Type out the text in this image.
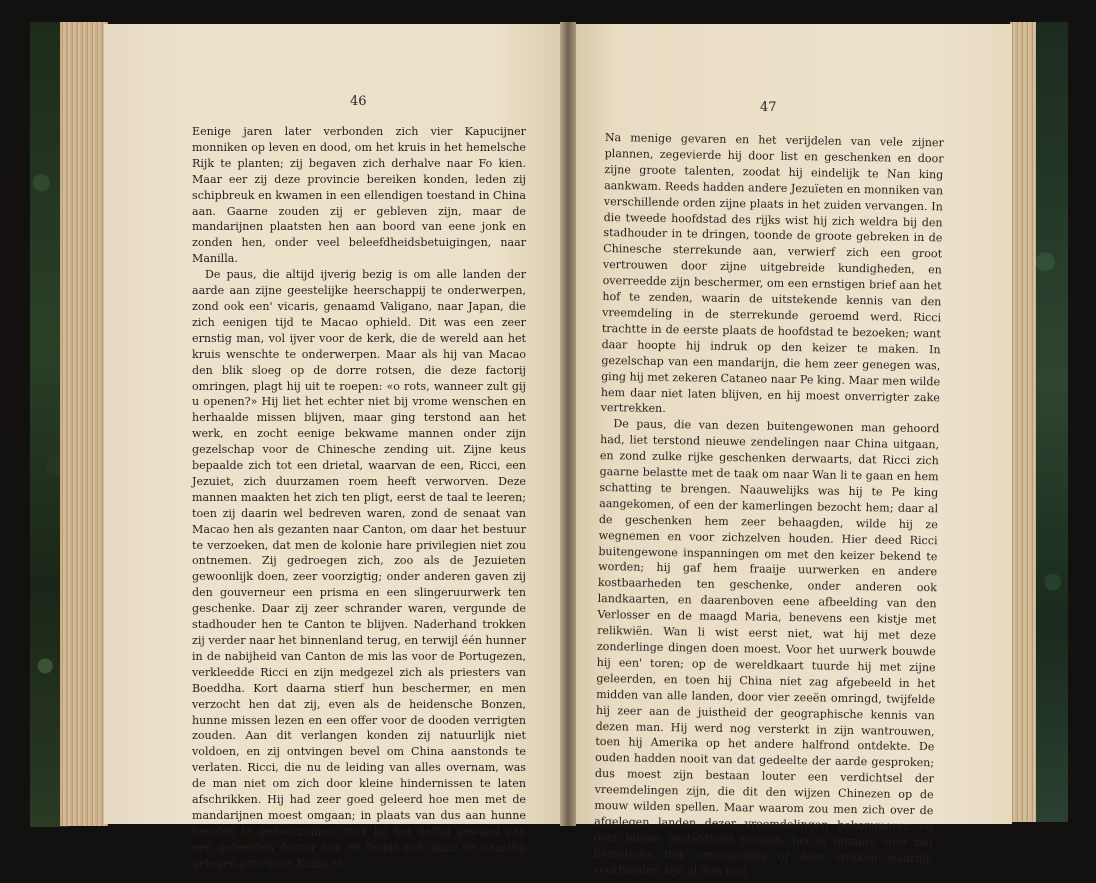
46

Eenige jaren later verbonden zich vier Kapucijner monniken op leven en dood, om het kruis in het hemelsche Rijk te planten; zij begaven zich derhalve naar Fo kien. Maar eer zij deze provincie bereiken konden, leden zij schipbreuk en kwamen in een ellendigen toestand in China aan. Gaarne zouden zij er gebleven zijn, maar de mandarijnen plaatsten hen aan boord van eene jonk en zonden hen, onder veel beleefdheidsbetuigingen, naar Manilla.

De paus, die altijd ijverig bezig is om alle landen der aarde aan zijne geestelijke heerschappij te onderwerpen, zond ook een' vicaris, genaamd Valigano, naar Japan, die zich eenigen tijd te Macao ophield. Dit was een zeer ernstig man, vol ijver voor de kerk, die de wereld aan het kruis wenschte te onderwerpen. Maar als hij van Macao den blik sloeg op de dorre rotsen, die deze factorij omringen, plagt hij uit te roepen: «o rots, wanneer zult gij u openen?» Hij liet het echter niet bij vrome wenschen en herhaalde missen blijven, maar ging terstond aan het werk, en zocht eenige bekwame mannen onder zijn gezelschap voor de Chinesche zending uit. Zijne keus bepaalde zich tot een drietal, waarvan de een, Ricci, een Jezuiet, zich duurzamen roem heeft verworven. Deze mannen maakten het zich ten pligt, eerst de taal te leeren; toen zij daarin wel bedreven waren, zond de senaat van Macao hen als gezanten naar Canton, om daar het bestuur te verzoeken, dat men de kolonie hare privilegien niet zou ontnemen. Zij gedroegen zich, zoo als de Jezuieten gewoonlijk doen, zeer voorzigtig; onder anderen gaven zij den gouverneur een prisma en een slingeruurwerk ten geschenke. Daar zij zeer schrander waren, vergunde de stadhouder hen te Canton te blijven. Naderhand trokken zij verder naar het binnenland terug, en terwijl één hunner in de nabijheid van Canton de mis las voor de Portugezen, verkleedde Ricci en zijn medgezel zich als priesters van Boeddha. Kort daarna stierf hun beschermer, en men verzocht hen dat zij, even als de heidensche Bonzen, hunne missen lezen en een offer voor de dooden verrigten zouden. Aan dit verlangen konden zij natuurlijk niet voldoen, en zij ontvingen bevel om China aanstonds te verlaten. Ricci, die nu de leiding van alles overnam, was de man niet om zich door kleine hindernissen te laten afschrikken. Hij had zeer goed geleerd hoe men met de mandarijnen moest omgaan; in plaats van dus aan hunne bevelen te gehoorzamen, trok hij het deftig gewaad van een geleerden doctor aan en begaf zich naar de naastbij gelegen provincie Kiang si.

47

Na menige gevaren en het verijdelen van vele zijner plannen, zegevierde hij door list en geschenken en door zijne groote talenten, zoodat hij eindelijk te Nan king aankwam. Reeds hadden andere Jezuïeten en monniken van verschillende orden zijne plaats in het zuiden vervangen. In die tweede hoofdstad des rijks wist hij zich weldra bij den stadhouder in te dringen, toonde de groote gebreken in de Chinesche sterrekunde aan, verwierf zich een groot vertrouwen door zijne uitgebreide kundigheden, en overreedde zijn beschermer, om een ernstigen brief aan het hof te zenden, waarin de uitstekende kennis van den vreemdeling in de sterrekunde geroemd werd. Ricci trachtte in de eerste plaats de hoofdstad te bezoeken; want daar hoopte hij indruk op den keizer te maken. In gezelschap van een mandarijn, die hem zeer genegen was, ging hij met zekeren Cataneo naar Pe king. Maar men wilde hem daar niet laten blijven, en hij moest onverrigter zake vertrekken.

De paus, die van dezen buitengewonen man gehoord had, liet terstond nieuwe zendelingen naar China uitgaan, en zond zulke rijke geschenken derwaarts, dat Ricci zich gaarne belastte met de taak om naar Wan li te gaan en hem schatting te brengen. Naauwelijks was hij te Pe king aangekomen, of een der kamerlingen bezocht hem; daar al de geschenken hem zeer behaagden, wilde hij ze wegnemen en voor zichzelven houden. Hier deed Ricci buitengewone inspanningen om met den keizer bekend te worden; hij gaf hem fraaije uurwerken en andere kostbaarheden ten geschenke, onder anderen ook landkaarten, en daarenboven eene afbeelding van den Verlosser en de maagd Maria, benevens een kistje met relikwiën. Wan li wist eerst niet, wat hij met deze zonderlinge dingen doen moest. Voor het uurwerk bouwde hij een' toren; op de wereldkaart tuurde hij met zijne geleerden, en toen hij China niet zag afgebeeld in het midden van alle landen, door vier zeeën omringd, twijfelde hij zeer aan de juistheid der geographische kennis van dezen man. Hij werd nog versterkt in zijn wantrouwen, toen hij Amerika op het andere halfrond ontdekte. De ouden hadden nooit van dat gedeelte der aarde gesproken; dus moest zijn bestaan louter een verdichtsel der vreemdelingen zijn, die dit den wijzen Chinezen op de mouw wilden spellen. Maar waarom zou men zich over de afgelegen landen dezer vreemdelingen bekommeren en over hunne gesteldheid twisten, het is immers voor het hemelsche Rijk onverschillig of deze streken waarlijk voorhanden zijn al dan niet.
